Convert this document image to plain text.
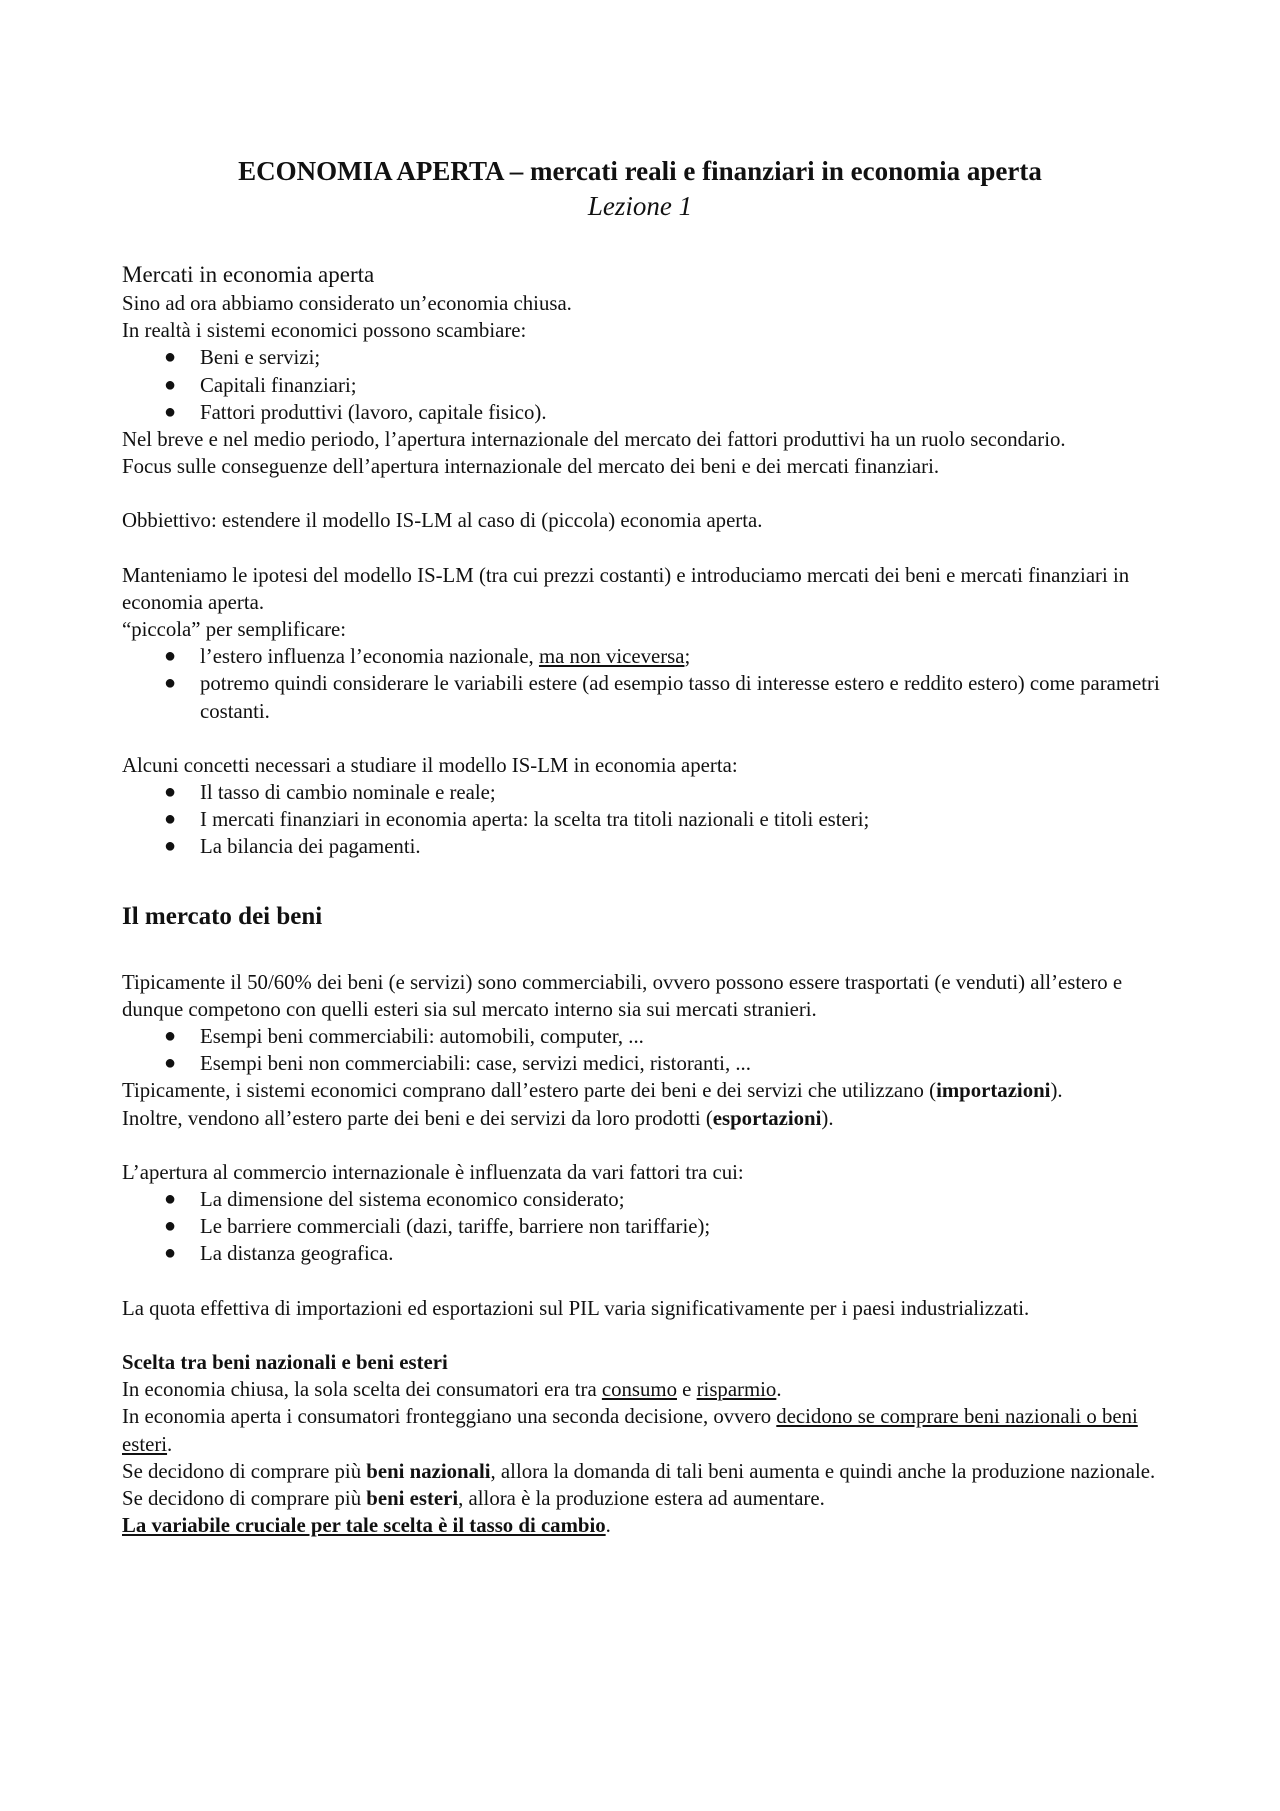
ECONOMIA APERTA – mercati reali e finanziari in economia aperta
Lezione 1

Mercati in economia aperta

Sino ad ora abbiamo considerato un’economia chiusa.

In realtà i sistemi economici possono scambiare:

● Beni e servizi;
● Capitali finanziari;
● Fattori produttivi (lavoro, capitale fisico).

Nel breve e nel medio periodo, l’apertura internazionale del mercato dei fattori produttivi ha un ruolo secondario.

Focus sulle conseguenze dell’apertura internazionale del mercato dei beni e dei mercati finanziari.

Obbiettivo: estendere il modello IS-LM al caso di (piccola) economia aperta.

Manteniamo le ipotesi del modello IS-LM (tra cui prezzi costanti) e introduciamo mercati dei beni e mercati finanziari in economia aperta.

“piccola” per semplificare:

● l’estero influenza l’economia nazionale, ma non viceversa;
● potremo quindi considerare le variabili estere (ad esempio tasso di interesse estero e reddito estero) come parametri costanti.

Alcuni concetti necessari a studiare il modello IS-LM in economia aperta:

● Il tasso di cambio nominale e reale;
● I mercati finanziari in economia aperta: la scelta tra titoli nazionali e titoli esteri;
● La bilancia dei pagamenti.

Il mercato dei beni

Tipicamente il 50/60% dei beni (e servizi) sono commerciabili, ovvero possono essere trasportati (e venduti) all’estero e dunque competono con quelli esteri sia sul mercato interno sia sui mercati stranieri.

● Esempi beni commerciabili: automobili, computer, ...
● Esempi beni non commerciabili: case, servizi medici, ristoranti, ...

Tipicamente, i sistemi economici comprano dall’estero parte dei beni e dei servizi che utilizzano (importazioni).

Inoltre, vendono all’estero parte dei beni e dei servizi da loro prodotti (esportazioni).

L’apertura al commercio internazionale è influenzata da vari fattori tra cui:

● La dimensione del sistema economico considerato;
● Le barriere commerciali (dazi, tariffe, barriere non tariffarie);
● La distanza geografica.

La quota effettiva di importazioni ed esportazioni sul PIL varia significativamente per i paesi industrializzati.

Scelta tra beni nazionali e beni esteri

In economia chiusa, la sola scelta dei consumatori era tra consumo e risparmio.

In economia aperta i consumatori fronteggiano una seconda decisione, ovvero decidono se comprare beni nazionali o beni esteri.

Se decidono di comprare più beni nazionali, allora la domanda di tali beni aumenta e quindi anche la produzione nazionale.

Se decidono di comprare più beni esteri, allora è la produzione estera ad aumentare.

La variabile cruciale per tale scelta è il tasso di cambio.
